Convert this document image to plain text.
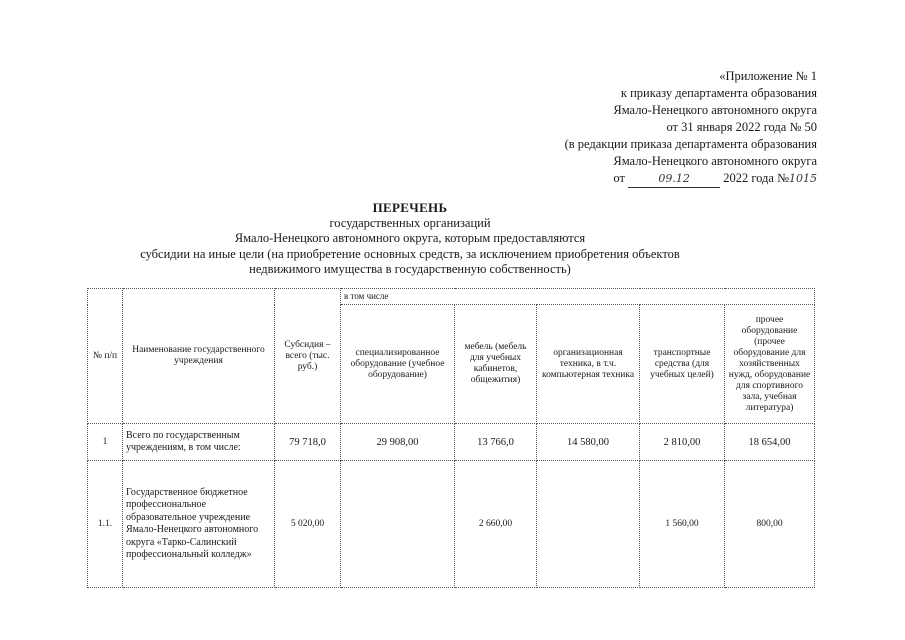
«Приложение № 1
к приказу департамента образования
Ямало-Ненецкого автономного округа
от 31 января 2022 года № 50
(в редакции приказа департамента образования
Ямало-Ненецкого автономного округа
от	09.12	2022 года №1015
ПЕРЕЧЕНЬ
государственных организаций
Ямало-Ненецкого автономного округа, которым предоставляются
субсидии на иные цели (на приобретение основных средств, за исключением приобретения объектов
недвижимого имущества в государственную собственность)
№ п/п	Наименование государственного учреждения	Субсидия – всего (тыс. руб.)	в том числе				
			специализированное оборудование (учебное оборудование)	мебель (мебель для учебных кабинетов, общежития)	организационная техника, в т.ч. компьютерная техника	транспортные средства (для учебных целей)	прочее оборудование (прочее оборудование для хозяйственных нужд, оборудование для спортивного зала, учебная литература)
1	Всего по государственным учреждениям, в том числе:	79 718,0	29 908,00	13 766,0	14 580,00	2 810,00	18 654,00
1.1.	Государственное бюджетное профессиональное образовательное учреждение Ямало-Ненецкого автономного округа «Тарко-Салинский профессиональный колледж»	5 020,00		2 660,00		1 560,00	800,00
